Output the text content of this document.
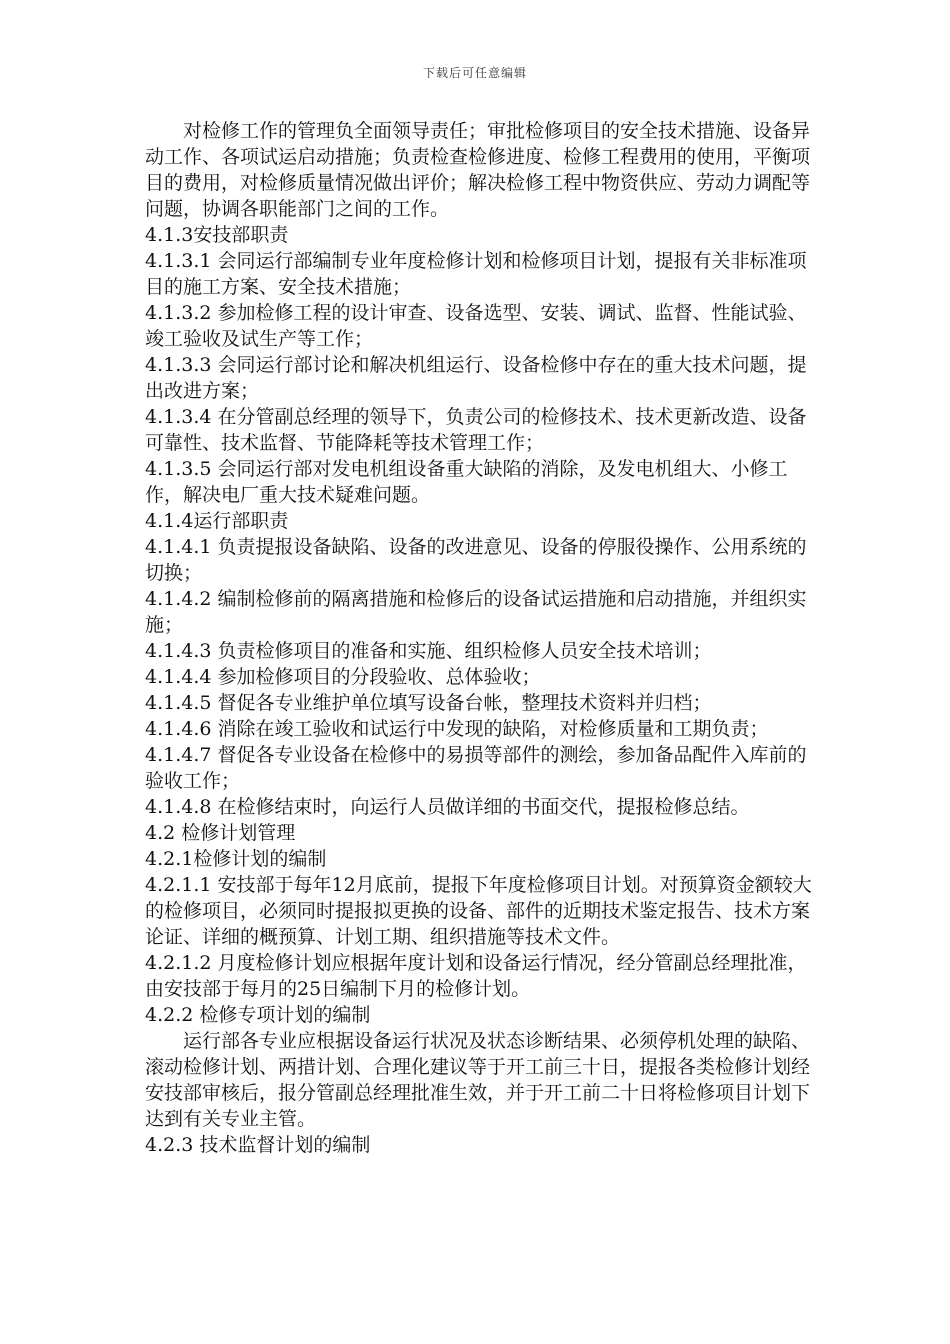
下载后可任意编辑

对检修工作的管理负全面领导责任；审批检修项目的安全技术措施、设备异动工作、各项试运启动措施；负责检查检修进度、检修工程费用的使用，平衡项目的费用，对检修质量情况做出评价；解决检修工程中物资供应、劳动力调配等问题，协调各职能部门之间的工作。

4.1.3安技部职责

4.1.3.1 会同运行部编制专业年度检修计划和检修项目计划，提报有关非标准项目的施工方案、安全技术措施；

4.1.3.2 参加检修工程的设计审查、设备选型、安装、调试、监督、性能试验、竣工验收及试生产等工作；

4.1.3.3 会同运行部讨论和解决机组运行、设备检修中存在的重大技术问题，提出改进方案；

4.1.3.4 在分管副总经理的领导下，负责公司的检修技术、技术更新改造、设备可靠性、技术监督、节能降耗等技术管理工作；

4.1.3.5 会同运行部对发电机组设备重大缺陷的消除，及发电机组大、小修工作，解决电厂重大技术疑难问题。

4.1.4运行部职责

4.1.4.1 负责提报设备缺陷、设备的改进意见、设备的停服役操作、公用系统的切换；

4.1.4.2 编制检修前的隔离措施和检修后的设备试运措施和启动措施，并组织实施；

4.1.4.3 负责检修项目的准备和实施、组织检修人员安全技术培训；

4.1.4.4 参加检修项目的分段验收、总体验收；

4.1.4.5 督促各专业维护单位填写设备台帐，整理技术资料并归档；

4.1.4.6 消除在竣工验收和试运行中发现的缺陷，对检修质量和工期负责；

4.1.4.7 督促各专业设备在检修中的易损等部件的测绘，参加备品配件入库前的验收工作；

4.1.4.8 在检修结束时，向运行人员做详细的书面交代，提报检修总结。

4.2 检修计划管理

4.2.1检修计划的编制

4.2.1.1 安技部于每年12月底前，提报下年度检修项目计划。对预算资金额较大的检修项目，必须同时提报拟更换的设备、部件的近期技术鉴定报告、技术方案论证、详细的概预算、计划工期、组织措施等技术文件。

4.2.1.2 月度检修计划应根据年度计划和设备运行情况，经分管副总经理批准，由安技部于每月的25日编制下月的检修计划。

4.2.2 检修专项计划的编制

运行部各专业应根据设备运行状况及状态诊断结果、必须停机处理的缺陷、滚动检修计划、两措计划、合理化建议等于开工前三十日，提报各类检修计划经安技部审核后，报分管副总经理批准生效，并于开工前二十日将检修项目计划下达到有关专业主管。

4.2.3 技术监督计划的编制
